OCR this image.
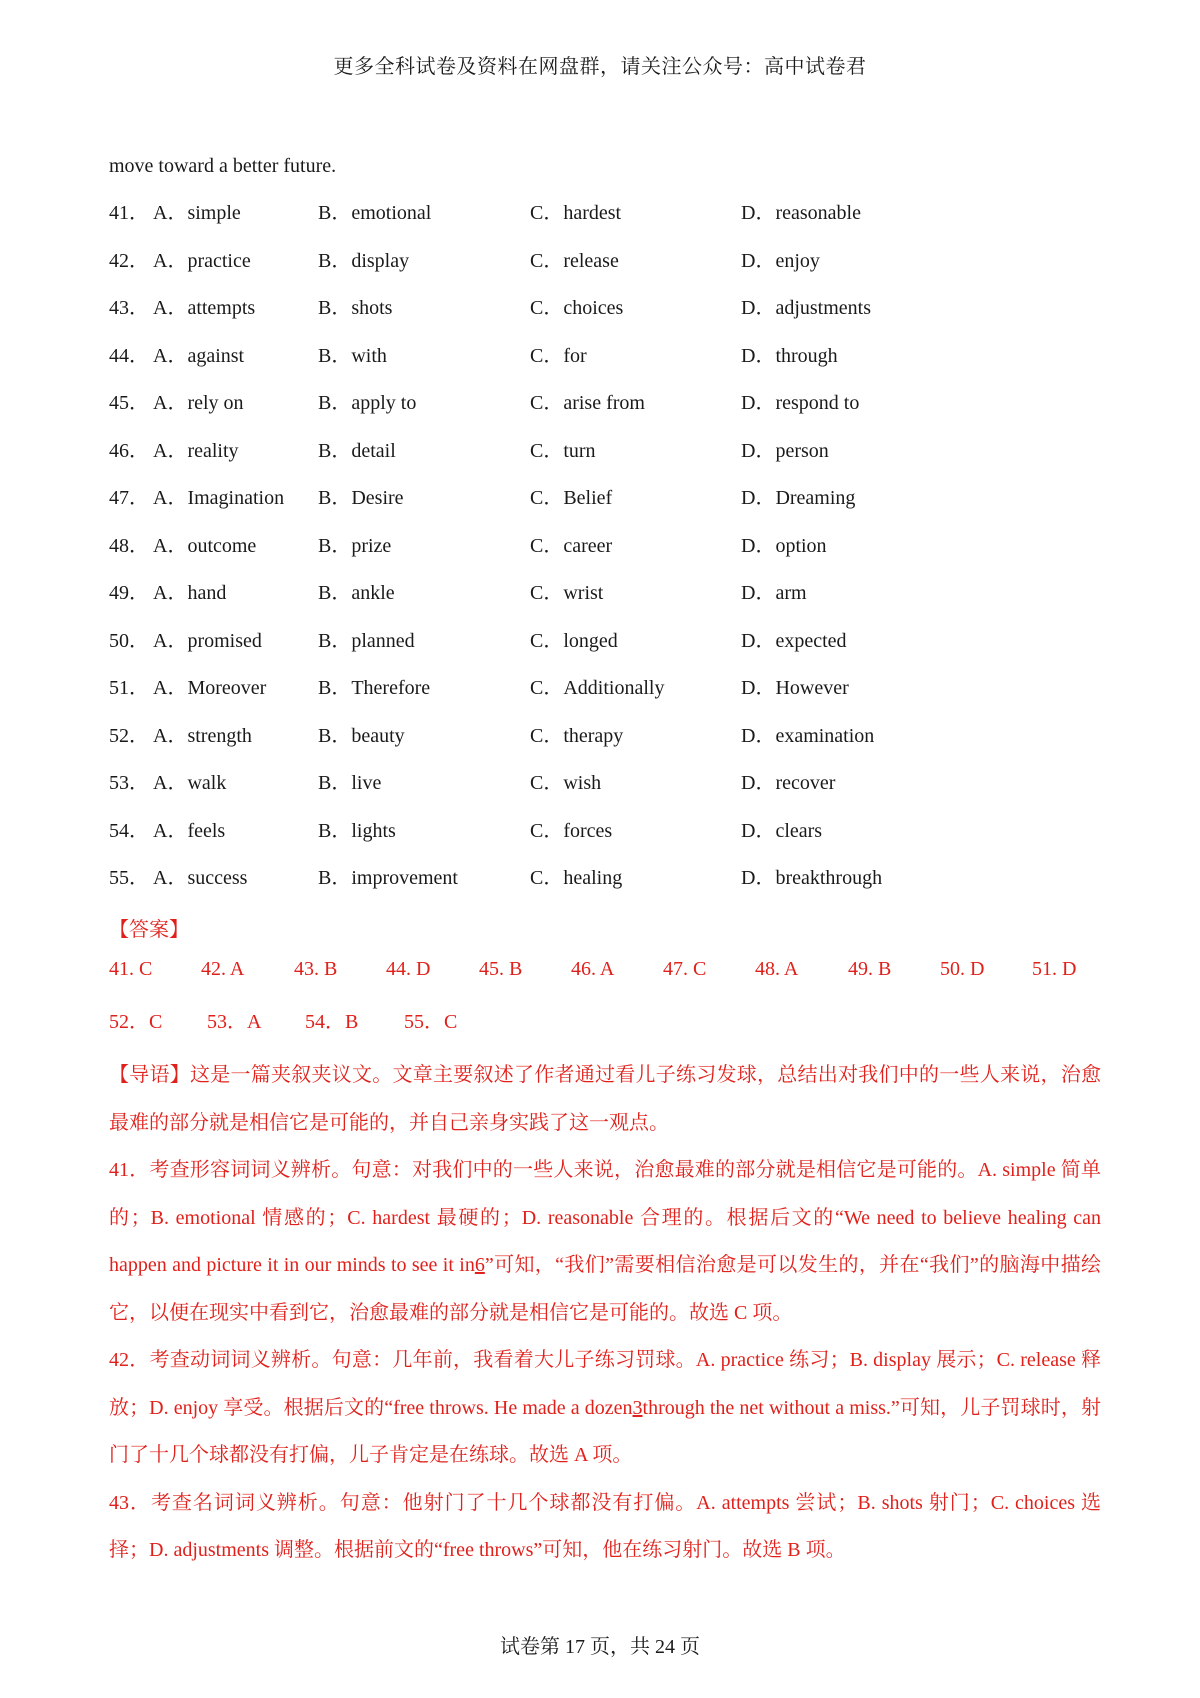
更多全科试卷及资料在网盘群，请关注公众号：高中试卷君
move toward a better future.
41． A．simple	B．emotional	C．hardest	D．reasonable
42． A．practice	B．display	C．release	D．enjoy
43． A．attempts	B．shots	C．choices	D．adjustments
44． A．against	B．with	C．for	D．through
45． A．rely on	B．apply to	C．arise from	D．respond to
46． A．reality	B．detail	C．turn	D．person
47． A．Imagination B．Desire	C．Belief	D．Dreaming
48． A．outcome	B．prize	C．career	D．option
49． A．hand	B．ankle	C．wrist	D．arm
50． A．promised	B．planned	C．longed	D．expected
51． A．Moreover	B．Therefore	C．Additionally	D．However
52． A．strength	B．beauty	C．therapy	D．examination
53． A．walk	B．live	C．wish	D．recover
54． A．feels	B．lights	C．forces	D．clears
55． A．success	B．improvement	C．healing	D．breakthrough
【答案】
41. C 42. A 43. B 44. D 45. B 46. A 47. C 48. A 49. B 50. D 51. D
52．C 53．A 54．B 55．C

【导语】这是一篇夹叙夹议文。文章主要叙述了作者通过看儿子练习发球，总结出对我们中的一些人来说，治愈最难的部分就是相信它是可能的，并自己亲身实践了这一观点。

41．考查形容词词义辨析。句意：对我们中的一些人来说，治愈最难的部分就是相信它是可能的。A. simple 简单的；B. emotional 情感的；C. hardest 最硬的；D. reasonable 合理的。根据后文的“We need to believe healing can happen and picture it in our minds to see it in6”可知，“我们”需要相信治愈是可以发生的，并在“我们”的脑海中描绘它，以便在现实中看到它，治愈最难的部分就是相信它是可能的。故选 C 项。

42．考查动词词义辨析。句意：几年前，我看着大儿子练习罚球。A. practice 练习；B. display 展示；C. release 释放；D. enjoy 享受。根据后文的“free throws. He made a dozen3through the net without a miss.”可知，儿子罚球时，射门了十几个球都没有打偏，儿子肯定是在练球。故选 A 项。

43．考查名词词义辨析。句意：他射门了十几个球都没有打偏。A. attempts 尝试；B. shots 射门；C. choices 选择；D. adjustments 调整。根据前文的“free throws”可知，他在练习射门。故选 B 项。

试卷第 17 页，共 24 页
